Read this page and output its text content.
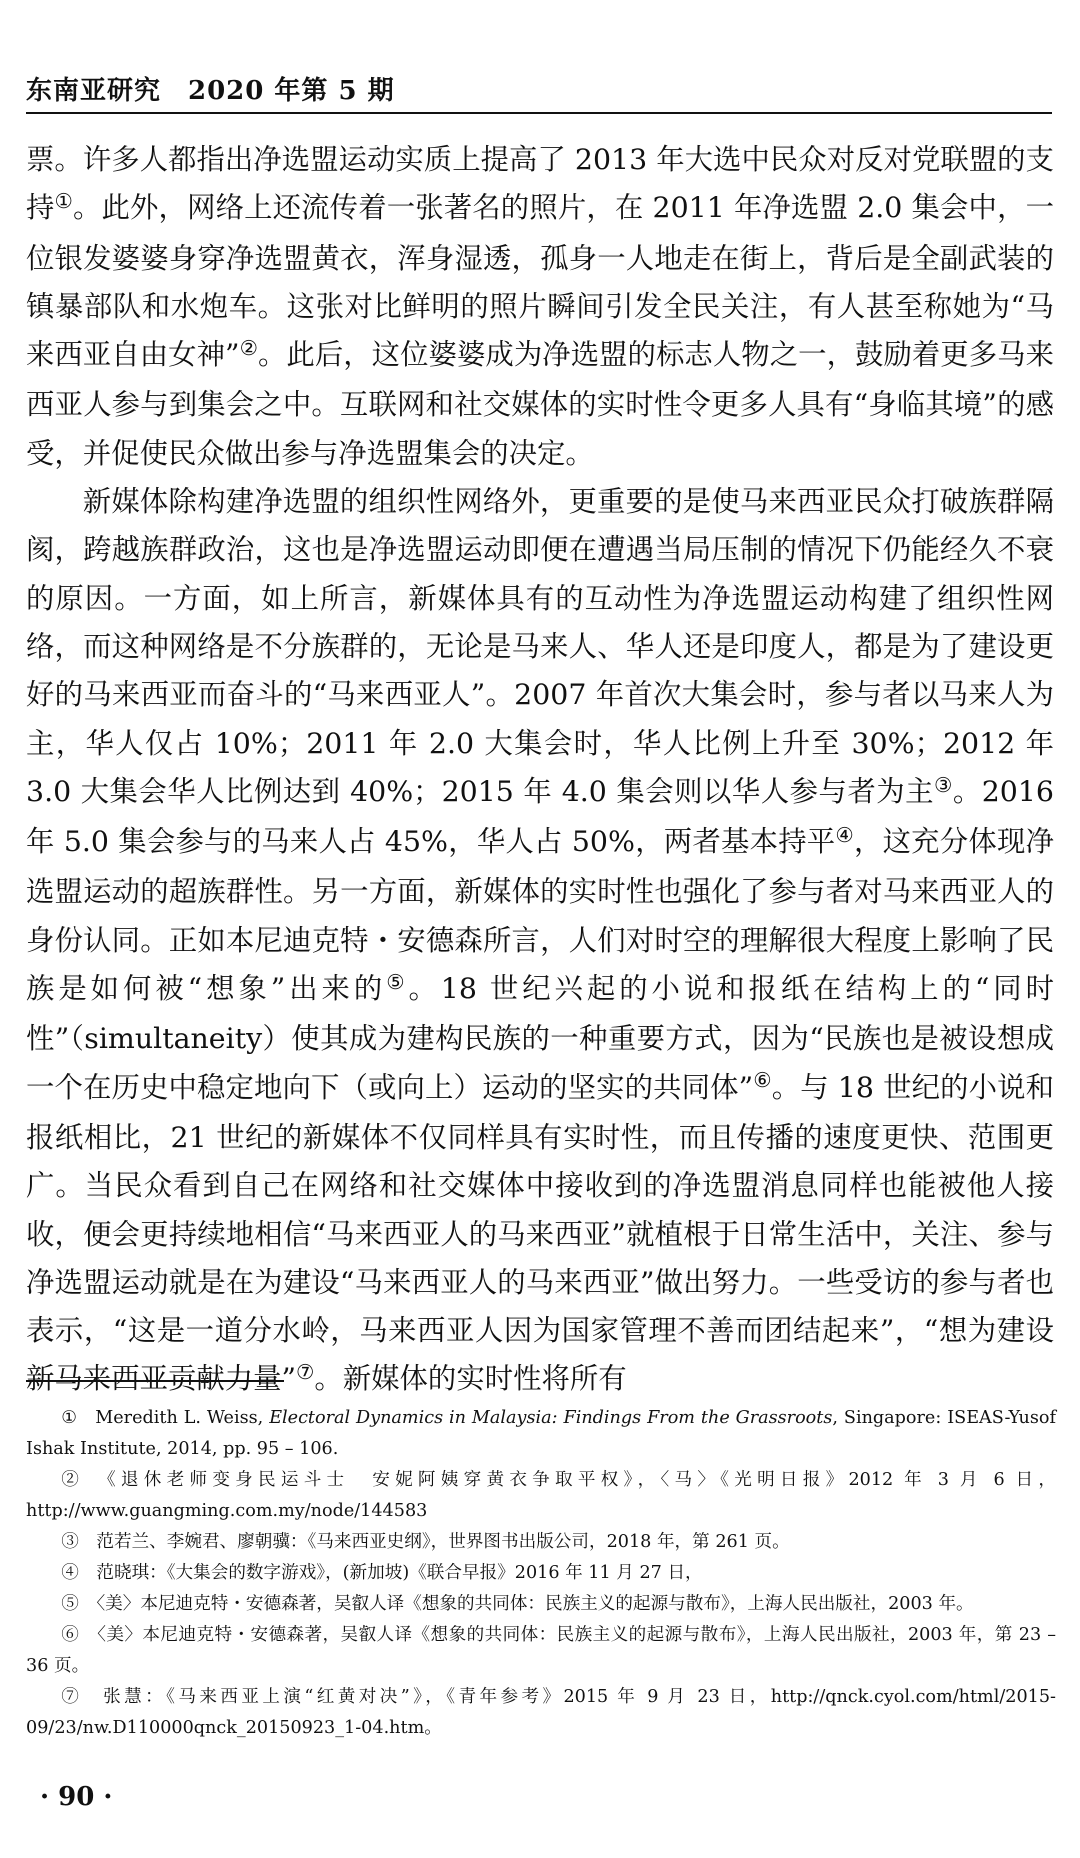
东南亚研究　2020 年第 5 期

票。许多人都指出净选盟运动实质上提高了 2013 年大选中民众对反对党联盟的支持①。此外，网络上还流传着一张著名的照片，在 2011 年净选盟 2.0 集会中，一位银发婆婆身穿净选盟黄衣，浑身湿透，孤身一人地走在街上，背后是全副武装的镇暴部队和水炮车。这张对比鲜明的照片瞬间引发全民关注，有人甚至称她为“马来西亚自由女神”②。此后，这位婆婆成为净选盟的标志人物之一，鼓励着更多马来西亚人参与到集会之中。互联网和社交媒体的实时性令更多人具有“身临其境”的感受，并促使民众做出参与净选盟集会的决定。

新媒体除构建净选盟的组织性网络外，更重要的是使马来西亚民众打破族群隔阂，跨越族群政治，这也是净选盟运动即便在遭遇当局压制的情况下仍能经久不衰的原因。一方面，如上所言，新媒体具有的互动性为净选盟运动构建了组织性网络，而这种网络是不分族群的，无论是马来人、华人还是印度人，都是为了建设更好的马来西亚而奋斗的“马来西亚人”。2007 年首次大集会时，参与者以马来人为主，华人仅占 10%；2011 年 2.0 大集会时，华人比例上升至 30%；2012 年 3.0 大集会华人比例达到 40%；2015 年 4.0 集会则以华人参与者为主③。2016 年 5.0 集会参与的马来人占 45%，华人占 50%，两者基本持平④，这充分体现净选盟运动的超族群性。另一方面，新媒体的实时性也强化了参与者对马来西亚人的身份认同。正如本尼迪克特・安德森所言，人们对时空的理解很大程度上影响了民族是如何被“想象”出来的⑤。18 世纪兴起的小说和报纸在结构上的“同时性”（simultaneity）使其成为建构民族的一种重要方式，因为“民族也是被设想成一个在历史中稳定地向下（或向上）运动的坚实的共同体”⑥。与 18 世纪的小说和报纸相比，21 世纪的新媒体不仅同样具有实时性，而且传播的速度更快、范围更广。当民众看到自己在网络和社交媒体中接收到的净选盟消息同样也能被他人接收，便会更持续地相信“马来西亚人的马来西亚”就植根于日常生活中，关注、参与净选盟运动就是在为建设“马来西亚人的马来西亚”做出努力。一些受访的参与者也表示，“这是一道分水岭，马来西亚人因为国家管理不善而团结起来”，“想为建设新马来西亚贡献力量”⑦。新媒体的实时性将所有

①　Meredith L. Weiss, Electoral Dynamics in Malaysia: Findings From the Grassroots, Singapore: ISEAS-Yusof Ishak Institute, 2014, pp. 95 – 106.

②　《退休老师变身民运斗士　安妮阿姨穿黄衣争取平权》，〈马〉《光明日报》2012 年 3 月 6 日，http://www.guangming.com.my/node/144583

③　范若兰、李婉君、廖朝骥：《马来西亚史纲》，世界图书出版公司，2018 年，第 261 页。

④　范晓琪：《大集会的数字游戏》，(新加坡)《联合早报》2016 年 11 月 27 日，

⑤　〈美〉本尼迪克特・安德森著，吴叡人译《想象的共同体：民族主义的起源与散布》，上海人民出版社，2003 年。

⑥　〈美〉本尼迪克特・安德森著，吴叡人译《想象的共同体：民族主义的起源与散布》，上海人民出版社，2003 年，第 23 – 36 页。

⑦　张慧：《马来西亚上演“红黄对决”》，《青年参考》2015 年 9 月 23 日，http://qnck.cyol.com/html/2015-09/23/nw.D110000qnck_20150923_1-04.htm。

· 90 ·
